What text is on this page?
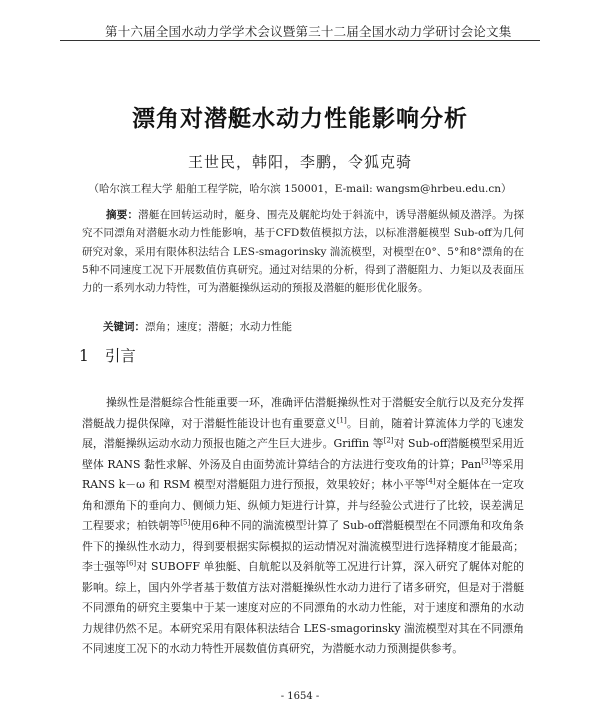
第十六届全国水动力学学术会议暨第三十二届全国水动力学研讨会论文集
漂角对潜艇水动力性能影响分析
王世民，韩阳，李鹏，令狐克骑
（哈尔滨工程大学 船舶工程学院，哈尔滨 150001，E-mail: wangsm@hrbeu.edu.cn）
摘要：潜艇在回转运动时，艇身、围壳及艉舵均处于斜流中，诱导潜艇纵倾及潜浮。为探究不同漂角对潜艇水动力性能影响，基于CFD数值模拟方法，以标准潜艇模型 Sub-off为几何研究对象，采用有限体积法结合 LES-smagorinsky 湍流模型，对模型在0°、5°和8°漂角的在5种不同速度工况下开展数值仿真研究。通过对结果的分析，得到了潜艇阻力、力矩以及表面压力的一系列水动力特性，可为潜艇操纵运动的预报及潜艇的艇形优化服务。
关键词：漂角；速度；潜艇；水动力性能
1 引言

操纵性是潜艇综合性能重要一环，准确评估潜艇操纵性对于潜艇安全航行以及充分发挥潜艇战力提供保障，对于潜艇性能设计也有重要意义[1]。目前，随着计算流体力学的飞速发展，潜艇操纵运动水动力预报也随之产生巨大进步。Griffin 等[2]对 Sub-off潜艇模型采用近壁体 RANS 黏性求解、外汤及自由面势流计算结合的方法进行变攻角的计算；Pan[3]等采用 RANS k－ω 和 RSM 模型对潜艇阻力进行预报，效果较好；林小平等[4]对全艇体在一定攻角和漂角下的垂向力、侧倾力矩、纵倾力矩进行计算，并与经验公式进行了比较，误差满足工程要求；柏铁朝等[5]使用6种不同的湍流模型计算了 Sub-off潜艇模型在不同漂角和攻角条件下的操纵性水动力，得到要根据实际模拟的运动情况对湍流模型进行选择精度才能最高；李士强等[6]对 SUBOFF 单独艇、自航舵以及斜航等工况进行计算，深入研究了艉体对舵的影响。综上，国内外学者基于数值方法对潜艇操纵性水动力进行了诸多研究，但是对于潜艇不同漂角的研究主要集中于某一速度对应的不同漂角的水动力性能，对于速度和漂角的水动力规律仍然不足。本研究采用有限体积法结合 LES-smagorinsky 湍流模型对其在不同漂角不同速度工况下的水动力特性开展数值仿真研究，为潜艇水动力预测提供参考。

- 1654 -
